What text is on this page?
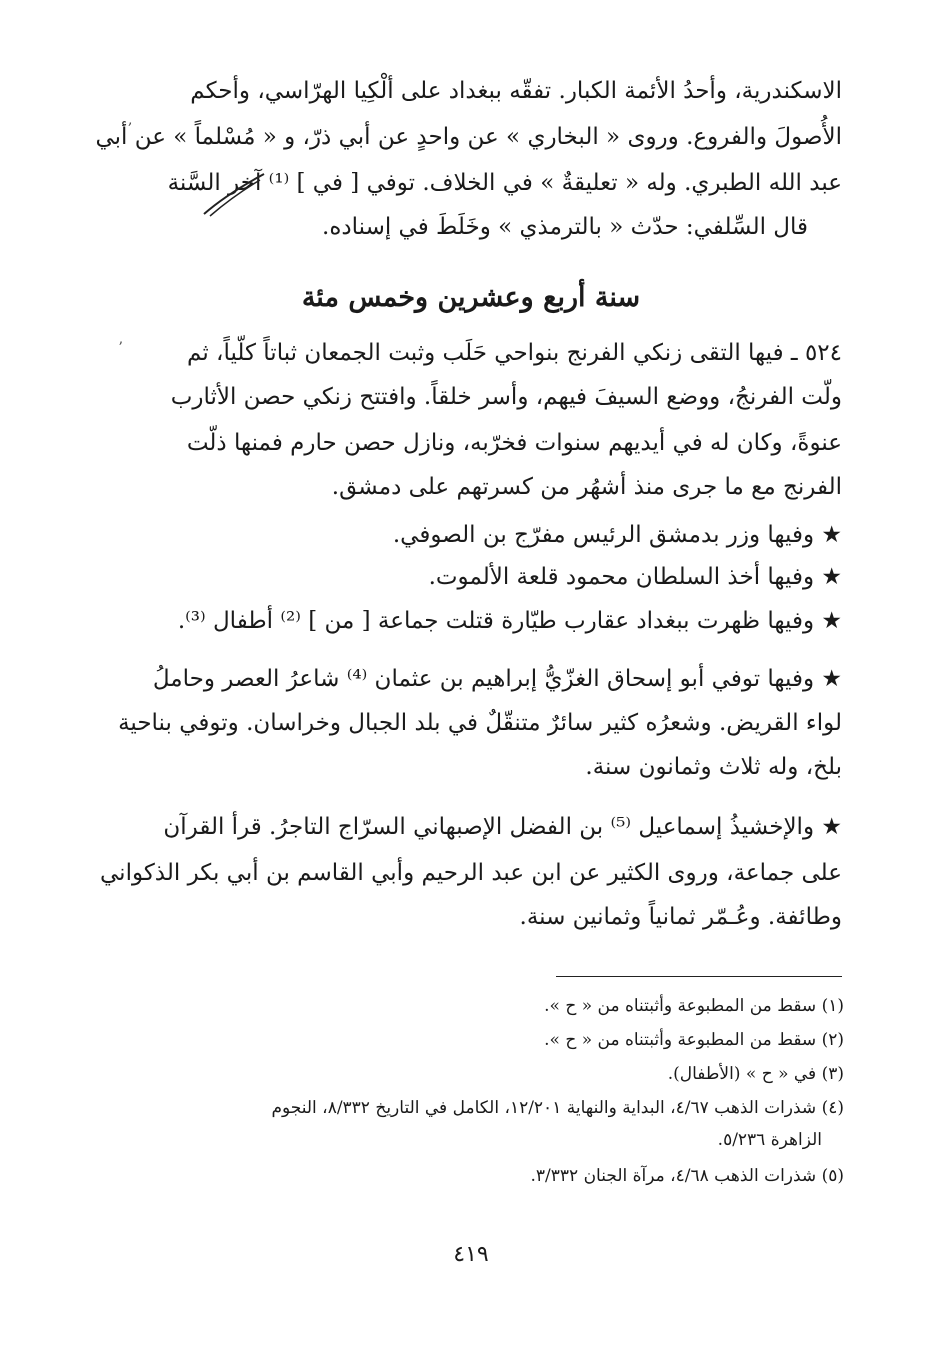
الاسكندرية، وأحدُ الأئمة الكبار. تفقّه ببغداد على ألْكِيا الهرّاسي، وأحكم
الأُصولَ والفروع. وروى « البخاري » عن واحدٍ عن أبي ذرّ، و « مُسْلماً » عن أبي
عبد الله الطبري. وله « تعليقةٌ » في الخلاف. توفي [ في ] ⁽¹⁾ آخر السَّنة
قال السِّلفي: حدّث « بالترمذي » وخَلَطَ في إسناده.
,
ʼ
سنة أربع وعشرين وخمس مئة
٥٢٤ ـ فيها التقى زنكي الفرنج بنواحي حَلَب وثبت الجمعان ثباتاً كلّياً، ثم
ولّت الفرنجُ، ووضع السيفَ فيهم، وأسر خلقاً. وافتتح زنكي حصن الأثارب
عنوةً، وكان له في أيديهم سنوات فخرّبه، ونازل حصن حارم فمنها ذلّت
الفرنج مع ما جرى منذ أشهُر من كسرتهم على دمشق.
★ وفيها وزر بدمشق الرئيس مفرّج بن الصوفي.
★ وفيها أخذ السلطان محمود قلعة الألموت.
★ وفيها ظهرت ببغداد عقارب طيّارة قتلت جماعة [ من ] ⁽²⁾ أطفال ⁽³⁾.
★ وفيها توفي أبو إسحاق الغزّيُّ إبراهيم بن عثمان ⁽⁴⁾ شاعرُ العصر وحاملُ
لواء القريض. وشعرُه كثير سائرٌ متنقّلٌ في بلد الجبال وخراسان. وتوفي بناحية
بلخ، وله ثلاث وثمانون سنة.
★ والإخشيذُ إسماعيل ⁽⁵⁾ بن الفضل الإصبهاني السرّاج التاجرُ. قرأ القرآن
على جماعة، وروى الكثير عن ابن عبد الرحيم وأبي القاسم بن أبي بكر الذكواني
وطائفة. وعُـمّر ثمانياً وثمانين سنة.
(١) سقط من المطبوعة وأثبتناه من « ح ».
(٢) سقط من المطبوعة وأثبتناه من « ح ».
(٣) في « ح » (الأطفال).
(٤) شذرات الذهب ٤/٦٧، البداية والنهاية ١٢/٢٠١، الكامل في التاريخ ٨/٣٣٢، النجوم
الزاهرة ٥/٢٣٦.
(٥) شذرات الذهب ٤/٦٨، مرآة الجنان ٣/٣٣٢.
٤١٩
